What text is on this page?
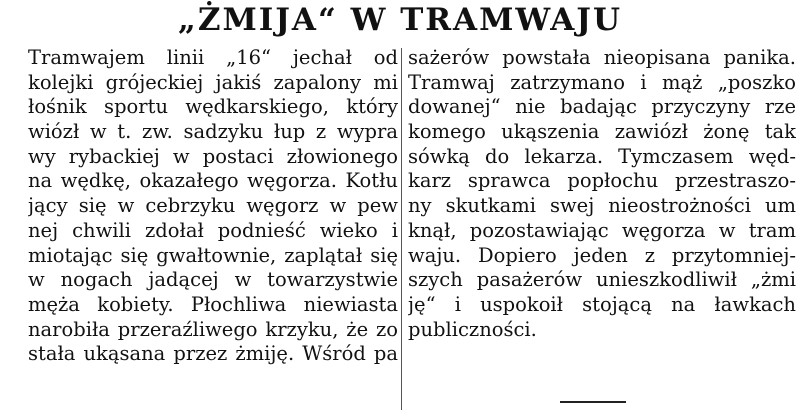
„ŻMIJA“ W TRAMWAJU
Tramwajem linii „16“ jechał od
kolejki grójeckiej jakiś zapalony mi
łośnik sportu wędkarskiego, który
wiózł w t. zw. sadzyku łup z wypra
wy rybackiej w postaci złowionego
na wędkę, okazałego węgorza. Kotłu
jący się w cebrzyku węgorz w pew
nej chwili zdołał podnieść wieko i
miotając się gwałtownie, zaplątał się
w nogach jadącej w towarzystwie
męża kobiety. Płochliwa niewiasta
narobiła przeraźliwego krzyku, że zo
stała ukąsana przez żmiję. Wśród pa
sażerów powstała nieopisana panika.
Tramwaj zatrzymano i mąż „poszko
dowanej“ nie badając przyczyny rze
komego ukąszenia zawiózł żonę tak
sówką do lekarza. Tymczasem węd-
karz sprawca popłochu przestraszo-
ny skutkami swej nieostrożności um
knął, pozostawiając węgorza w tram
waju. Dopiero jeden z przytomniej-
szych pasażerów unieszkodliwił „żmi
ję“ i uspokoił stojącą na ławkach
publiczności.
